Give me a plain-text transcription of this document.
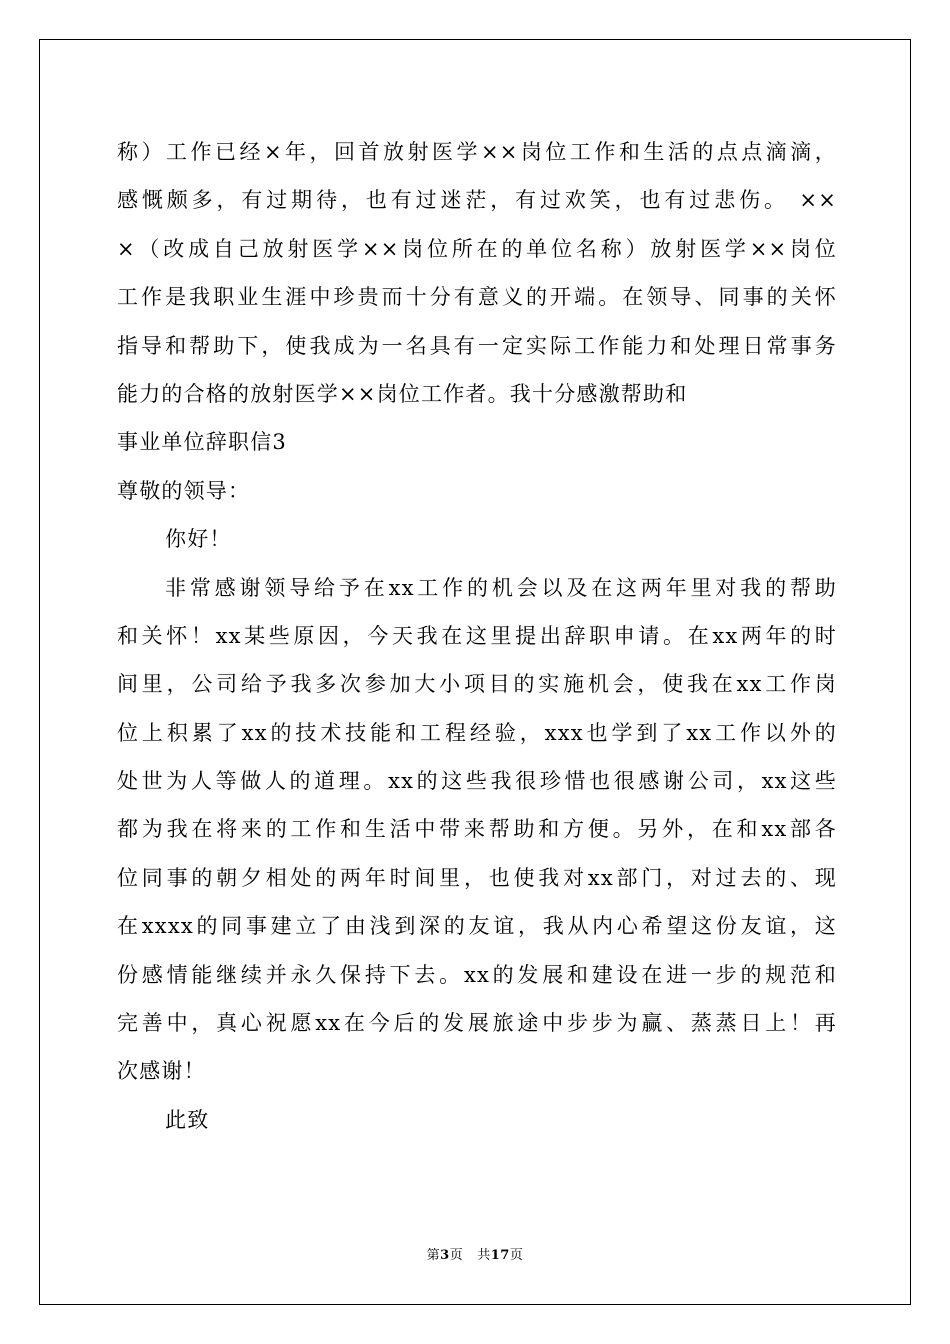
称）工作已经×年，回首放射医学××岗位工作和生活的点点滴滴，
感慨颇多，有过期待，也有过迷茫，有过欢笑，也有过悲伤。 ××
×（改成自己放射医学××岗位所在的单位名称）放射医学××岗位
工作是我职业生涯中珍贵而十分有意义的开端。在领导、同事的关怀
指导和帮助下，使我成为一名具有一定实际工作能力和处理日常事务
能力的合格的放射医学××岗位工作者。我十分感激帮助和
事业单位辞职信3
尊敬的领导：
你好！
非常感谢领导给予在xx工作的机会以及在这两年里对我的帮助
和关怀！xx某些原因，今天我在这里提出辞职申请。在xx两年的时
间里，公司给予我多次参加大小项目的实施机会，使我在xx工作岗
位上积累了xx的技术技能和工程经验，xxx也学到了xx工作以外的
处世为人等做人的道理。xx的这些我很珍惜也很感谢公司，xx这些
都为我在将来的工作和生活中带来帮助和方便。另外，在和xx部各
位同事的朝夕相处的两年时间里，也使我对xx部门，对过去的、现
在xxxx的同事建立了由浅到深的友谊，我从内心希望这份友谊，这
份感情能继续并永久保持下去。xx的发展和建设在进一步的规范和
完善中，真心祝愿xx在今后的发展旅途中步步为赢、蒸蒸日上！再
次感谢！
此致
第3页 共17页
